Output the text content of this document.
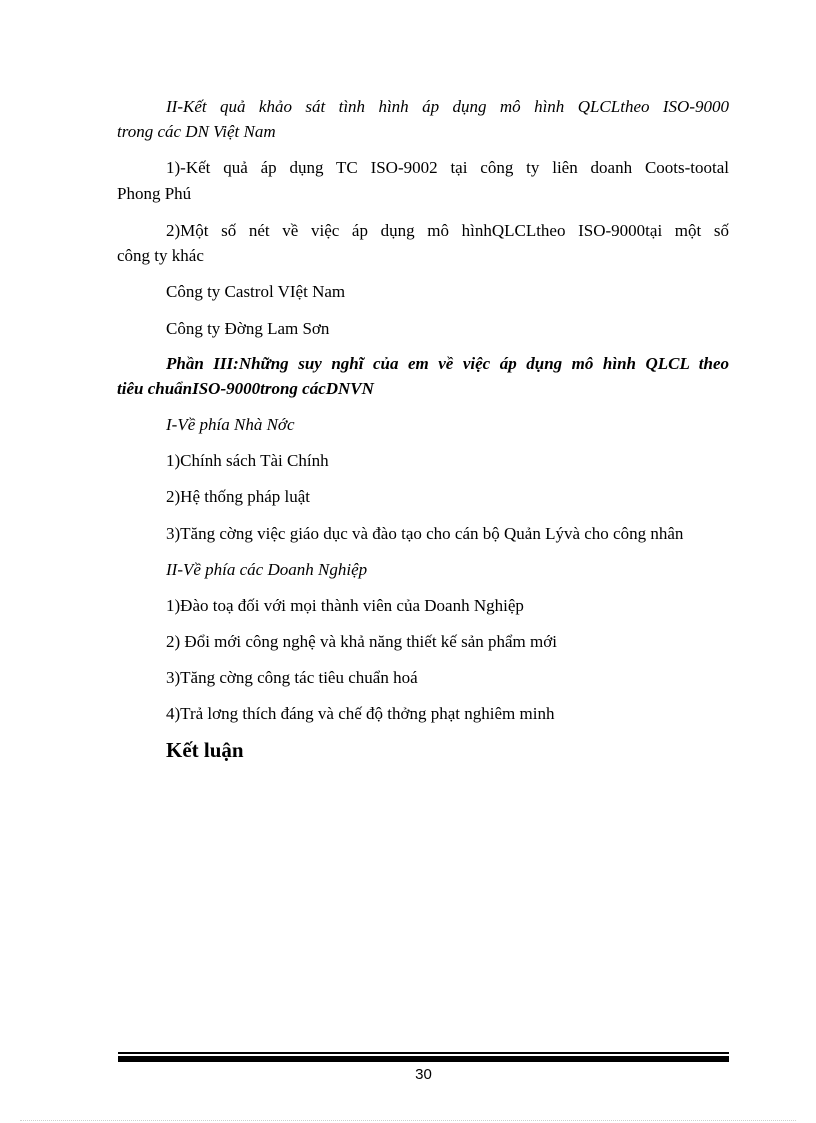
II-Kết quả khảo sát tình hình áp dụng mô hình QLCLtheo ISO-9000
trong các DN Việt Nam
1)-Kết quả áp dụng TC ISO-9002 tại công ty liên doanh Coots-tootal
Phong Phú
2)Một số nét về việc áp dụng mô hìnhQLCLtheo ISO-9000tại một số
công ty khác
Công ty Castrol VIệt Nam
Công ty Đờng Lam Sơn
Phần III:Những suy nghĩ của em về việc áp dụng mô hình QLCL theo
tiêu chuẩnISO-9000trong cácDNVN
I-Về phía Nhà Nớc
1)Chính sách Tài Chính
2)Hệ thống pháp luật
3)Tăng cờng việc giáo dục và đào tạo cho cán bộ Quản Lývà cho công nhân
II-Về phía các Doanh Nghiệp
1)Đào toạ đối với mọi thành viên của Doanh Nghiệp
2) Đổi mới công nghệ và khả năng thiết kế sản phẩm mới
3)Tăng cờng công tác tiêu chuẩn hoá
4)Trả lơng thích đáng và chế độ thởng phạt nghiêm minh
Kết luận
30
